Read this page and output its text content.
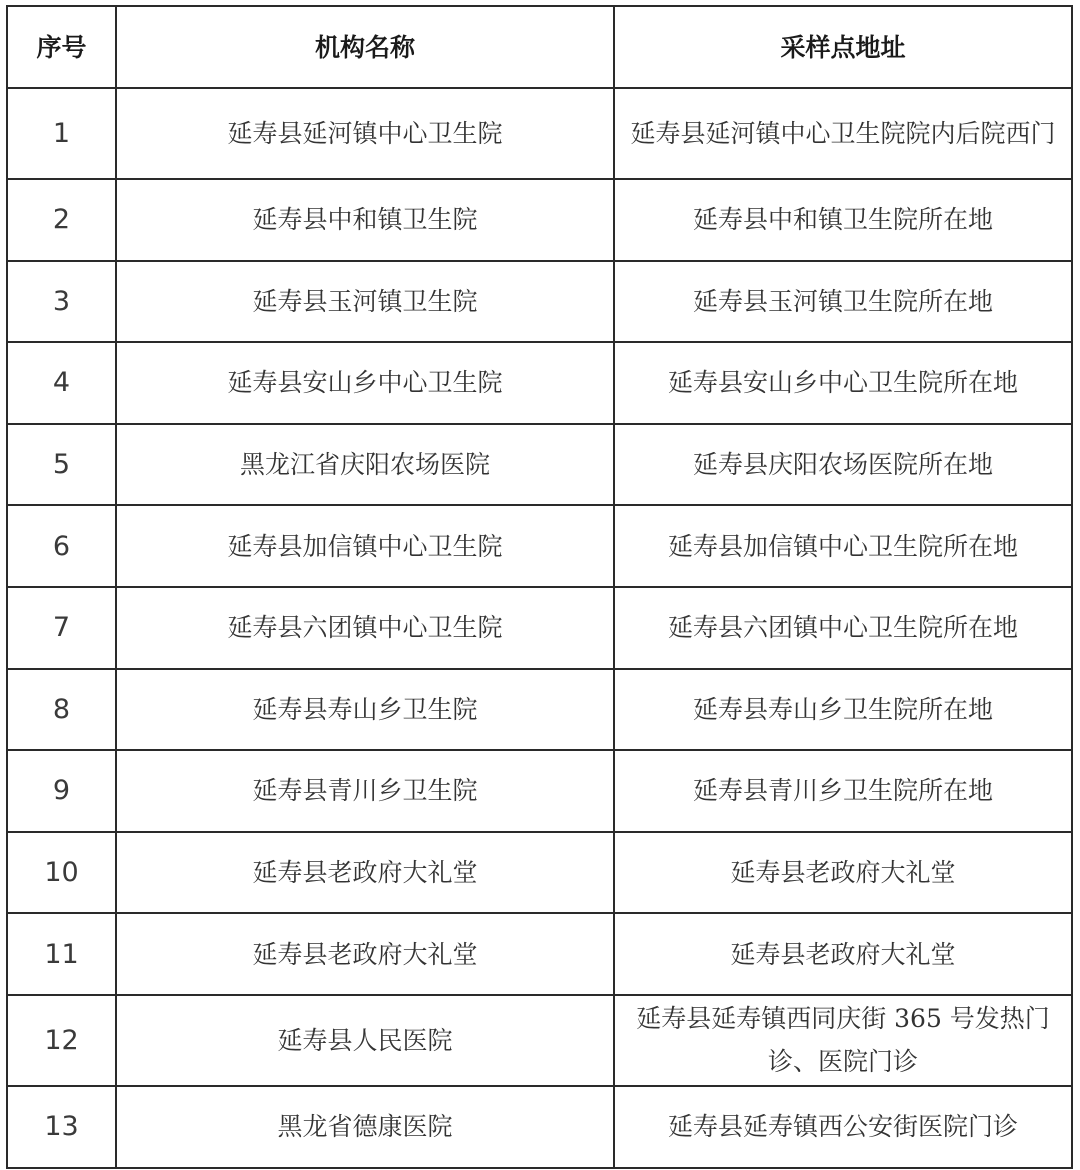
序号	机构名称	采样点地址
1	延寿县延河镇中心卫生院	延寿县延河镇中心卫生院院内后院西门
2	延寿县中和镇卫生院	延寿县中和镇卫生院所在地
3	延寿县玉河镇卫生院	延寿县玉河镇卫生院所在地
4	延寿县安山乡中心卫生院	延寿县安山乡中心卫生院所在地
5	黑龙江省庆阳农场医院	延寿县庆阳农场医院所在地
6	延寿县加信镇中心卫生院	延寿县加信镇中心卫生院所在地
7	延寿县六团镇中心卫生院	延寿县六团镇中心卫生院所在地
8	延寿县寿山乡卫生院	延寿县寿山乡卫生院所在地
9	延寿县青川乡卫生院	延寿县青川乡卫生院所在地
10	延寿县老政府大礼堂	延寿县老政府大礼堂
11	延寿县老政府大礼堂	延寿县老政府大礼堂
12	延寿县人民医院	延寿县延寿镇西同庆街 365 号发热门诊、医院门诊
13	黑龙省德康医院	延寿县延寿镇西公安街医院门诊
